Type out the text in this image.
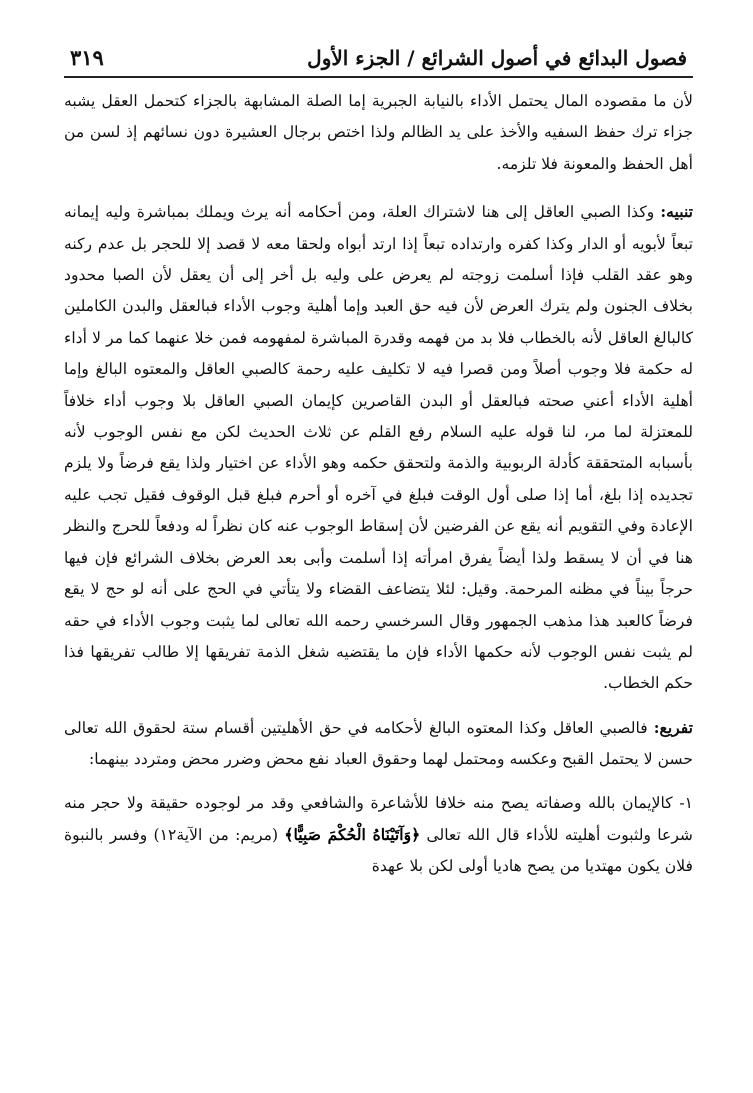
فصول البدائع في أصول الشرائع / الجزء الأول
٣١٩

لأن ما مقصوده المال يحتمل الأداء بالنيابة الجبرية إما الصلة المشابهة بالجزاء كتحمل العقل يشبه جزاء ترك حفظ السفيه والأخذ على يد الظالم ولذا اختص برجال العشيرة دون نسائهم إذ لسن من أهل الحفظ والمعونة فلا تلزمه.

تنبيه: وكذا الصبي العاقل إلى هنا لاشتراك العلة، ومن أحكامه أنه يرث ويملك بمباشرة وليه إيمانه تبعاً لأبويه أو الدار وكذا كفره وارتداده تبعاً إذا ارتد أبواه ولحقا معه لا قصد إلا للحجر بل عدم ركنه وهو عقد القلب فإذا أسلمت زوجته لم يعرض على وليه بل أخر إلى أن يعقل لأن الصبا محدود بخلاف الجنون ولم يترك العرض لأن فيه حق العبد وإما أهلية وجوب الأداء فبالعقل والبدن الكاملين كالبالغ العاقل لأنه بالخطاب فلا بد من فهمه وقدرة المباشرة لمفهومه فمن خلا عنهما كما مر لا أداء له حكمة فلا وجوب أصلاً ومن قصرا فيه لا تكليف عليه رحمة كالصبي العاقل والمعتوه البالغ وإما أهلية الأداء أعني صحته فبالعقل أو البدن القاصرين كإيمان الصبي العاقل بلا وجوب أداء خلافاً للمعتزلة لما مر، لنا قوله عليه السلام رفع القلم عن ثلاث الحديث لكن مع نفس الوجوب لأنه بأسبابه المتحققة كأدلة الربوبية والذمة ولتحقق حكمه وهو الأداء عن اختيار ولذا يقع فرضاً ولا يلزم تجديده إذا بلغ، أما إذا صلى أول الوقت فبلغ في آخره أو أحرم فبلغ قبل الوقوف فقيل تجب عليه الإعادة وفي التقويم أنه يقع عن الفرضين لأن إسقاط الوجوب عنه كان نظراً له ودفعاً للحرج والنظر هنا في أن لا يسقط ولذا أيضاً يفرق امرأته إذا أسلمت وأبى بعد العرض بخلاف الشرائع فإن فيها حرجاً بيناً في مظنه المرحمة. وقيل: لئلا يتضاعف القضاء ولا يتأتي في الحج على أنه لو حج لا يقع فرضاً كالعبد هذا مذهب الجمهور وقال السرخسي رحمه الله تعالى لما يثبت وجوب الأداء في حقه لم يثبت نفس الوجوب لأنه حكمها الأداء فإن ما يقتضيه شغل الذمة تفريقها إلا طالب تفريقها فذا حكم الخطاب.

تفريع: فالصبي العاقل وكذا المعتوه البالغ لأحكامه في حق الأهليتين أقسام ستة لحقوق الله تعالى حسن لا يحتمل القبح وعكسه ومحتمل لهما وحقوق العباد نفع محض وضرر محض ومتردد بينهما:

١- كالإيمان بالله وصفاته يصح منه خلافا للأشاعرة والشافعي وقد مر لوجوده حقيقة ولا حجر منه شرعا ولثبوت أهليته للأداء قال الله تعالى ﴿وَآتَيْنَاهُ الْحُكْمَ صَبِيًّا﴾ (مريم: من الآية١٢) وفسر بالنبوة فلان يكون مهتديا من يصح هاديا أولى لكن بلا عهدة
